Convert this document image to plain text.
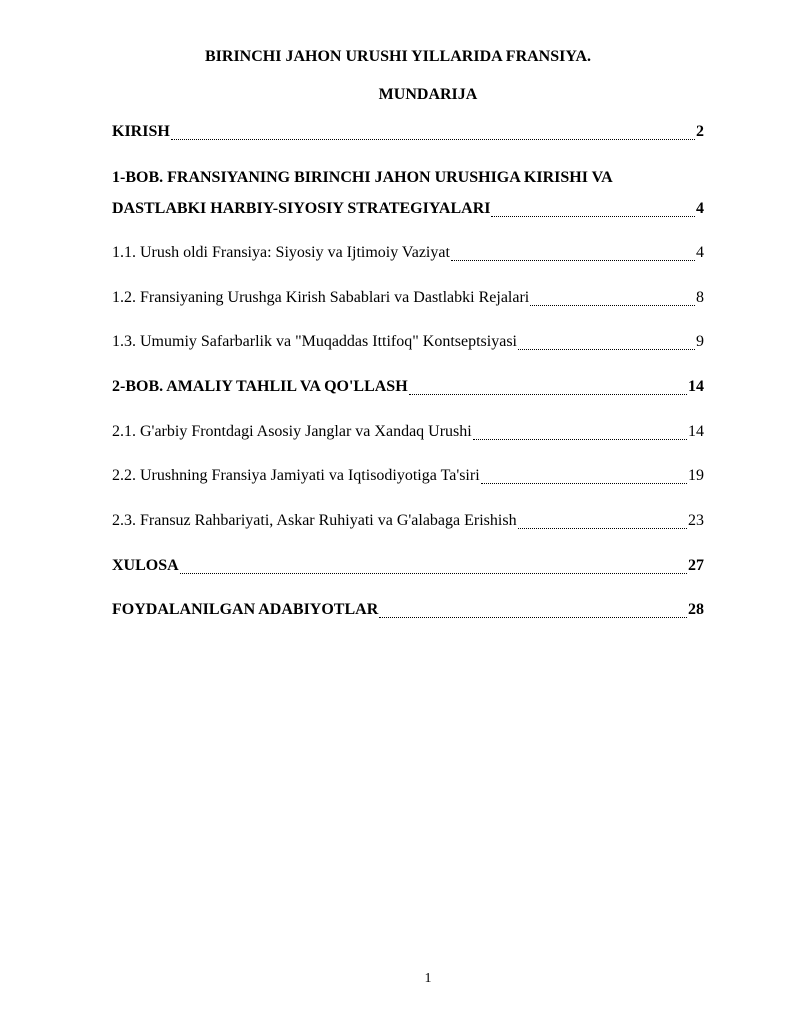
BIRINCHI JAHON URUSHI YILLARIDA FRANSIYA.
MUNDARIJA
KIRISH	2
1-BOB. FRANSIYANING BIRINCHI JAHON URUSHIGA KIRISHI VA
DASTLABKI HARBIY-SIYOSIY STRATEGIYALARI	4
1.1. Urush oldi Fransiya: Siyosiy va Ijtimoiy Vaziyat	4
1.2. Fransiyaning Urushga Kirish Sabablari va Dastlabki Rejalari	8
1.3. Umumiy Safarbarlik va "Muqaddas Ittifoq" Kontseptsiyasi	9
2-BOB. AMALIY TAHLIL VA QO'LLASH	14
2.1. G'arbiy Frontdagi Asosiy Janglar va Xandaq Urushi	14
2.2. Urushning Fransiya Jamiyati va Iqtisodiyotiga Ta'siri	19
2.3. Fransuz Rahbariyati, Askar Ruhiyati va G'alabaga Erishish	23
XULOSA	27
FOYDALANILGAN ADABIYOTLAR	28
1
